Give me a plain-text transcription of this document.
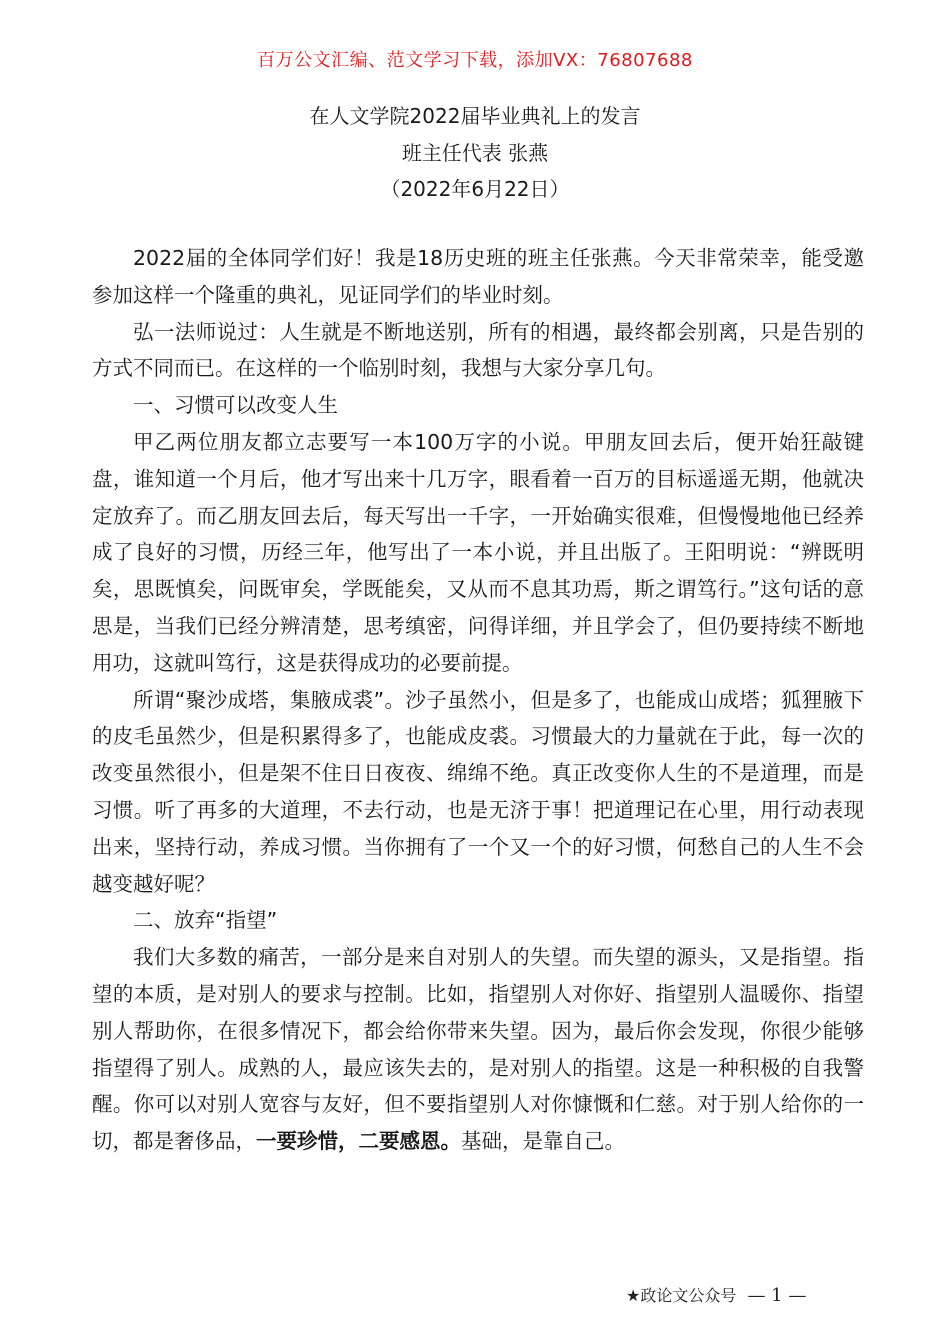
百万公文汇编、范文学习下载，添加VX：76807688
在人文学院2022届毕业典礼上的发言
班主任代表 张燕
（2022年6月22日）

2022届的全体同学们好！我是18历史班的班主任张燕。今天非常荣幸，能受邀参加这样一个隆重的典礼，见证同学们的毕业时刻。

弘一法师说过：人生就是不断地送别，所有的相遇，最终都会别离，只是告别的方式不同而已。在这样的一个临别时刻，我想与大家分享几句。

一、习惯可以改变人生

甲乙两位朋友都立志要写一本100万字的小说。甲朋友回去后，便开始狂敲键盘，谁知道一个月后，他才写出来十几万字，眼看着一百万的目标遥遥无期，他就决定放弃了。而乙朋友回去后，每天写出一千字，一开始确实很难，但慢慢地他已经养成了良好的习惯，历经三年，他写出了一本小说，并且出版了。王阳明说：“辨既明矣，思既慎矣，问既审矣，学既能矣，又从而不息其功焉，斯之谓笃行。”这句话的意思是，当我们已经分辨清楚，思考缜密，问得详细，并且学会了，但仍要持续不断地用功，这就叫笃行，这是获得成功的必要前提。

所谓“聚沙成塔，集腋成裘”。沙子虽然小，但是多了，也能成山成塔；狐狸腋下的皮毛虽然少，但是积累得多了，也能成皮裘。习惯最大的力量就在于此，每一次的改变虽然很小，但是架不住日日夜夜、绵绵不绝。真正改变你人生的不是道理，而是习惯。听了再多的大道理，不去行动，也是无济于事！把道理记在心里，用行动表现出来，坚持行动，养成习惯。当你拥有了一个又一个的好习惯，何愁自己的人生不会越变越好呢？

二、放弃“指望”

我们大多数的痛苦，一部分是来自对别人的失望。而失望的源头，又是指望。指望的本质，是对别人的要求与控制。比如，指望别人对你好、指望别人温暖你、指望别人帮助你，在很多情况下，都会给你带来失望。因为，最后你会发现，你很少能够指望得了别人。成熟的人，最应该失去的，是对别人的指望。这是一种积极的自我警醒。你可以对别人宽容与友好，但不要指望别人对你慷慨和仁慈。对于别人给你的一切，都是奢侈品，一要珍惜，二要感恩。基础，是靠自己。

★政论文公众号 — 1 —
